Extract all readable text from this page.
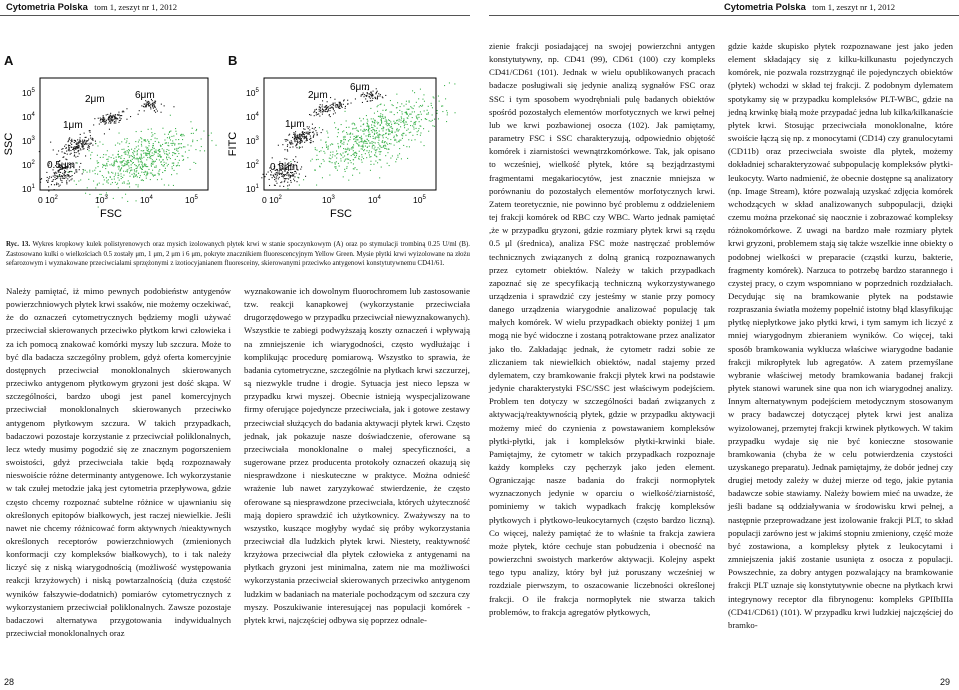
Cytometria Polska tom 1, zeszyt nr 1, 2012	Cytometria Polska tom 1, zeszyt nr 1, 2012
A	B
SSC
$10^1$
$10^2$
$10^3$
$10^4$
$10^5$
0 $10^2$	$10^3$	$10^4$	$10^5$
FSC
6μm
2μm
1μm
0.5μm
FITC
$10^1$
$10^2$
$10^3$
$10^4$
$10^5$
0 $10^2$	$10^3$	$10^4$	$10^5$
FSC
6μm
2μm
1μm
0.5μm
Ryc. 13. Wykres kropkowy kulek polistyrenowych oraz mysich izolowanych płytek krwi w stanie spoczynkowym (A) oraz po stymulacji trombiną 0.25 U/ml (B). Zastosowano kulki o wielkościach 0.5 zostały μm, 1 μm, 2 μm i 6 μm, pokryte znacznikiem fluorescencyjnym Yellow Green. Mysie płytki krwi wyizolowane na złożu sefarozowym i wyznakowane przeciwciałami sprzężonymi z izotiocyjanianem fluoresceiny, skierowanymi przeciwko antygenowi konstytutywnemu CD41/61.

Należy pamiętać, iż mimo pewnych podobieństw antygenów powierzchniowych płytek krwi ssaków, nie możemy oczekiwać, że do oznaczeń cytometrycznych będziemy mogli używać przeciwciał skierowanych przeciwko płytkom krwi człowieka i za ich pomocą znakować komórki myszy lub szczura. Może to być dla badacza szczególny problem, gdyż oferta komercyjnie dostępnych przeciwciał monoklonalnych skierowanych przeciwko antygenom płytkowym gryzoni jest dość skąpa. W szczególności, bardzo ubogi jest panel komercyjnych przeciwciał monoklonalnych skierowanych przeciwko antygenom płytkowym szczura. W takich przypadkach, badaczowi pozostaje korzystanie z przeciwciał poliklonalnych, lecz wtedy musimy pogodzić się ze znacznym pogorszeniem swoistości, gdyż przeciwciała takie będą rozpoznawały nieswoiście różne determinanty antygenowe. Ich wykorzystanie w tak czułej metodzie jaką jest cytometria przepływowa, gdzie często chcemy rozpoznać subtelne różnice w ujawnianiu się określonych epitopów białkowych, jest raczej niewielkie. Jeśli nawet nie chcemy różnicować form aktywnych /nieaktywnych określonych receptorów powierzchniowych (zmienionych konformacji czy kompleksów białkowych), to i tak należy liczyć się z niską wiarygodnością (możliwość występowania reakcji krzyżowych) i niską powtarzalnością (duża częstość wyników fałszywie-dodatnich) pomiarów cytometrycznych z wykorzystaniem przeciwciał poliklonalnych. Zawsze pozostaje badaczowi alternatywa przygotowania indywidualnych przeciwciał monoklonalnych oraz

wyznakowanie ich dowolnym fluorochromem lub zastosowanie tzw. reakcji kanapkowej (wykorzystanie przeciwciała drugorzędowego w przypadku przeciwciał niewyznakowanych). Wszystkie te zabiegi podwyższają koszty oznaczeń i wpływają na zmniejszenie ich wiarygodności, często wydłużając i komplikując procedurę pomiarową. Wszystko to sprawia, że badania cytometryczne, szczególnie na płytkach krwi szczurzej, są niezwykle trudne i drogie. Sytuacja jest nieco lepsza w przypadku krwi myszej. Obecnie istnieją wyspecjalizowane firmy oferujące pojedyncze przeciwciała, jak i gotowe zestawy przeciwciał służących do badania aktywacji płytek krwi. Często jednak, jak pokazuje nasze doświadczenie, oferowane są przeciwciała monoklonalne o małej specyficzności, a sugerowane przez producenta protokoły oznaczeń okazują się niesprawdzone i nieskuteczne w praktyce. Można odnieść wrażenie lub nawet zaryzykować stwierdzenie, że często oferowane są niesprawdzone przeciwciała, których użyteczność mają dopiero sprawdzić ich użytkownicy. Zważywszy na to wszystko, kuszące mogłyby wydać się próby wykorzystania przeciwciał dla ludzkich płytek krwi. Niestety, reaktywność krzyżowa przeciwciał dla płytek człowieka z antygenami na płytkach gryzoni jest minimalna, zatem nie ma możliwości wykorzystania przeciwciał skierowanych przeciwko antygenom ludzkim w badaniach na materiale pochodzącym od szczura czy myszy. Poszukiwanie interesującej nas populacji komórek - płytek krwi, najczęściej odbywa się poprzez odnale-

zienie frakcji posiadającej na swojej powierzchni antygen konstytutywny, np. CD41 (99), CD61 (100) czy kompleks CD41/CD61 (101). Jednak w wielu opublikowanych pracach badacze posługiwali się jedynie analizą sygnałów FSC oraz SSC i tym sposobem wyodrębniali pulę badanych obiektów spośród pozostałych elementów morfotycznych we krwi pełnej lub we krwi pozbawionej osocza (102). Jak pamiętamy, parametry FSC i SSC charakteryzują, odpowiednio objętość komórek i ziarnistości wewnątrzkomórkowe. Tak, jak opisano to wcześniej, wielkość płytek, które są bezjądrzastymi fragmentami megakariocytów, jest znacznie mniejsza w porównaniu do pozostałych elementów morfotycznych krwi. Zatem teoretycznie, nie powinno być problemu z oddzieleniem tej frakcji komórek od RBC czy WBC. Warto jednak pamiętać ,że w przypadku gryzoni, gdzie rozmiary płytek krwi są rzędu 0.5 μl (średnica), analiza FSC może nastręczać problemów technicznych związanych z dolną granicą rozpoznawanych przez cytometr obiektów. Należy w takich przypadkach zapoznać się ze specyfikacją techniczną wykorzystywanego urządzenia i sprawdzić czy jesteśmy w stanie przy pomocy danego urządzenia wiarygodnie analizować populację tak małych komórek. W wielu przypadkach obiekty poniżej 1 μm mogą nie być widoczne i zostaną potraktowane przez analizator jako tło. Zakładając jednak, że cytometr radzi sobie ze zliczaniem tak niewielkich obiektów, nadal stajemy przed dylematem, czy bramkowanie frakcji płytek krwi na podstawie jedynie charakterystyki FSC/SSC jest właściwym podejściem. Problem ten dotyczy w szczególności badań związanych z aktywacją/reaktywnością płytek, gdzie w przypadku aktywacji możemy mieć do czynienia z powstawaniem kompleksów płytki-płytki, jak i kompleksów płytki-krwinki białe. Pamiętajmy, że cytometr w takich przypadkach rozpoznaje każdy kompleks czy pęcherzyk jako jeden element. Ograniczając nasze badania do frakcji normopłytek wyznaczonych jedynie w oparciu o wielkość/ziarnistość, pominiemy w takich wypadkach frakcję kompleksów płytkowych i płytkowo-leukocytarnych (często bardzo liczną). Co więcej, należy pamiętać że to właśnie ta frakcja zawiera może płytek, które cechuje stan pobudzenia i obecność na powierzchni swoistych markerów aktywacji. Kolejny aspekt tego typu analizy, który był już poruszany wcześniej w rozdziale pierwszym, to oszacowanie liczebności określonej frakcji. O ile frakcja normopłytek nie stwarza takich problemów, to frakcja agregatów płytkowych,

gdzie każde skupisko płytek rozpoznawane jest jako jeden element składający się z kilku-kilkunastu pojedynczych komórek, nie pozwala rozstrzygnąć ile pojedynczych obiektów (płytek) wchodzi w skład tej frakcji. Z podobnym dylematem spotykamy się w przypadku kompleksów PLT-WBC, gdzie na jedną krwinkę białą może przypadać jedna lub kilka/kilkanaście płytek krwi. Stosując przeciwciała monoklonalne, które swoiście łączą się np. z monocytami (CD14) czy granulocytami (CD11b) oraz przeciwciała swoiste dla płytek, możemy dokładniej scharakteryzować subpopulację kompleksów płytki-leukocyty. Warto nadmienić, że obecnie dostępne są analizatory (np. Image Stream), które pozwalają uzyskać zdjęcia komórek wchodzących w skład analizowanych subpopulacji, dzięki czemu można przekonać się naocznie i zobrazować kompleksy różnokomórkowe. Z uwagi na bardzo małe rozmiary płytek krwi gryzoni, problemem stają się także wszelkie inne obiekty o podobnej wielkości w preparacie (cząstki kurzu, bakterie, fragmenty komórek). Narzuca to potrzebę bardzo starannego i czystej pracy, o czym wspomniano w poprzednich rozdziałach. Decydując się na bramkowanie płytek na podstawie rozpraszania światła możemy popełnić istotny błąd klasyfikując płytkę niepłytkowe jako płytki krwi, i tym samym ich liczyć z mniej wiarygodnym zbieraniem wyników. Co więcej, taki sposób bramkowania wyklucza właściwe wiarygodne badanie frakcji mikropłytek lub agregatów. A zatem przemyślane wybranie właściwej metody bramkowania badanej frakcji płytek stanowi warunek sine qua non ich wiarygodnej analizy. Innym alternatywnym podejściem metodycznym stosowanym w pracy badawczej dotyczącej płytek krwi jest analiza wyizolowanej, przemytej frakcji krwinek płytkowych. W takim przypadku wydaje się nie być konieczne stosowanie bramkowania (chyba że w celu potwierdzenia czystości uzyskanego preparatu). Jednak pamiętajmy, że dobór jednej czy drugiej metody zależy w dużej mierze od tego, jakie pytania badawcze sobie stawiamy. Należy bowiem mieć na uwadze, że jeśli badane są oddziaływania w środowisku krwi pełnej, a następnie przeprowadzane jest izolowanie frakcji PLT, to skład populacji zarówno jest w jakimś stopniu zmieniony, część może być zostawiona, a kompleksy płytek z leukocytami i zmniejszenia jakiś zostanie usunięta z osocza z populacji. Powszechnie, za dobry antygen pozwalający na bramkowanie frakcji PLT uznaje się konstytutywnie obecne na płytkach krwi integrynowy receptor dla fibrynogenu: kompleks GPIIbIIIa (CD41/CD61) (101). W przypadku krwi ludzkiej najczęściej do bramko-

28	29
